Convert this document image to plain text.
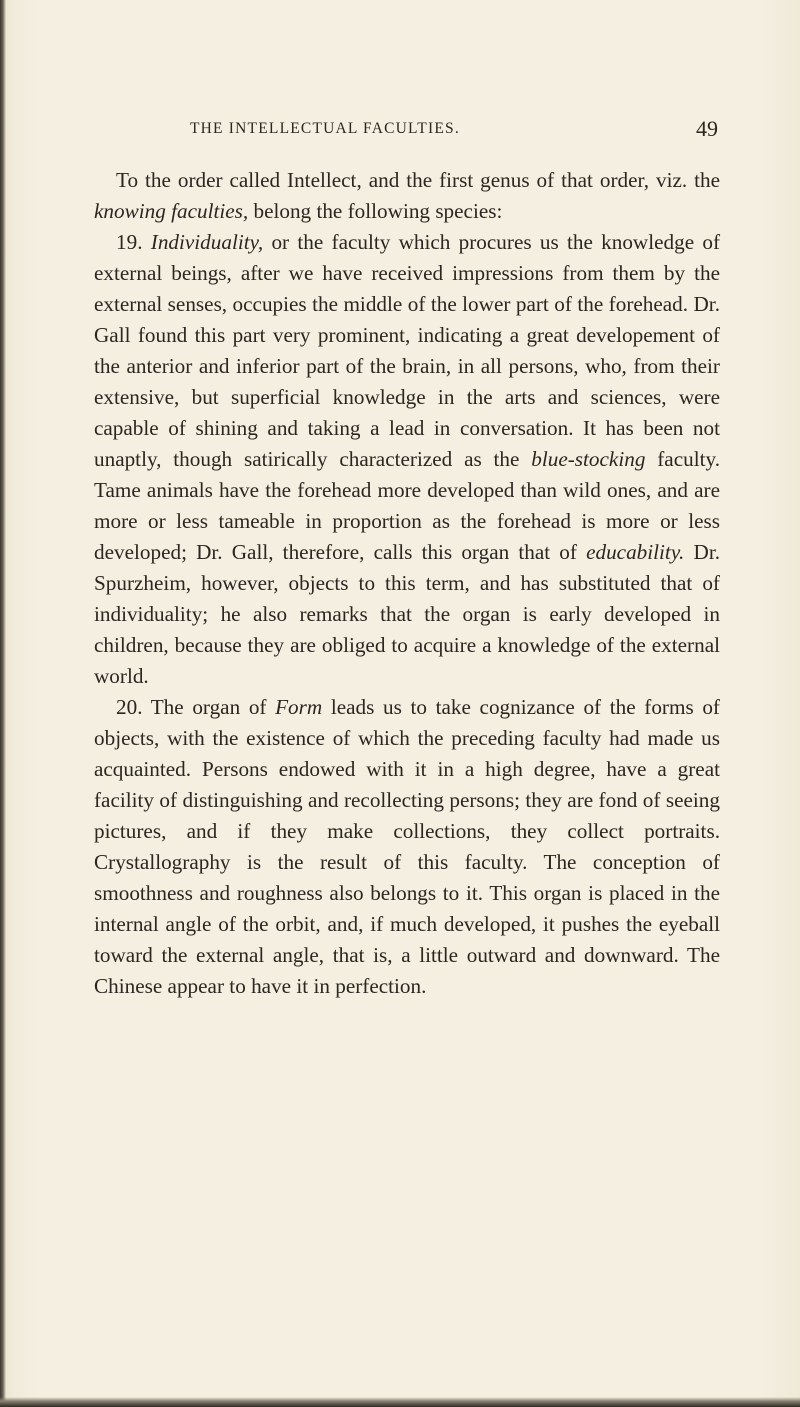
THE INTELLECTUAL FACULTIES.	49

To the order called Intellect, and the first genus of that order, viz. the knowing faculties, belong the following species:

19. Individuality, or the faculty which procures us the knowledge of external beings, after we have received impressions from them by the external senses, occupies the middle of the lower part of the forehead. Dr. Gall found this part very prominent, indicating a great developement of the anterior and inferior part of the brain, in all persons, who, from their extensive, but superficial knowledge in the arts and sciences, were capable of shining and taking a lead in conversation. It has been not unaptly, though satirically characterized as the blue-stocking faculty. Tame animals have the forehead more developed than wild ones, and are more or less tameable in proportion as the forehead is more or less developed; Dr. Gall, therefore, calls this organ that of educability. Dr. Spurzheim, however, objects to this term, and has substituted that of individuality; he also remarks that the organ is early developed in children, because they are obliged to acquire a knowledge of the external world.

20. The organ of Form leads us to take cognizance of the forms of objects, with the existence of which the preceding faculty had made us acquainted. Persons endowed with it in a high degree, have a great facility of distinguishing and recollecting persons; they are fond of seeing pictures, and if they make collections, they collect portraits. Crystallography is the result of this faculty. The conception of smoothness and roughness also belongs to it. This organ is placed in the internal angle of the orbit, and, if much developed, it pushes the eyeball toward the external angle, that is, a little outward and downward. The Chinese appear to have it in perfection.
